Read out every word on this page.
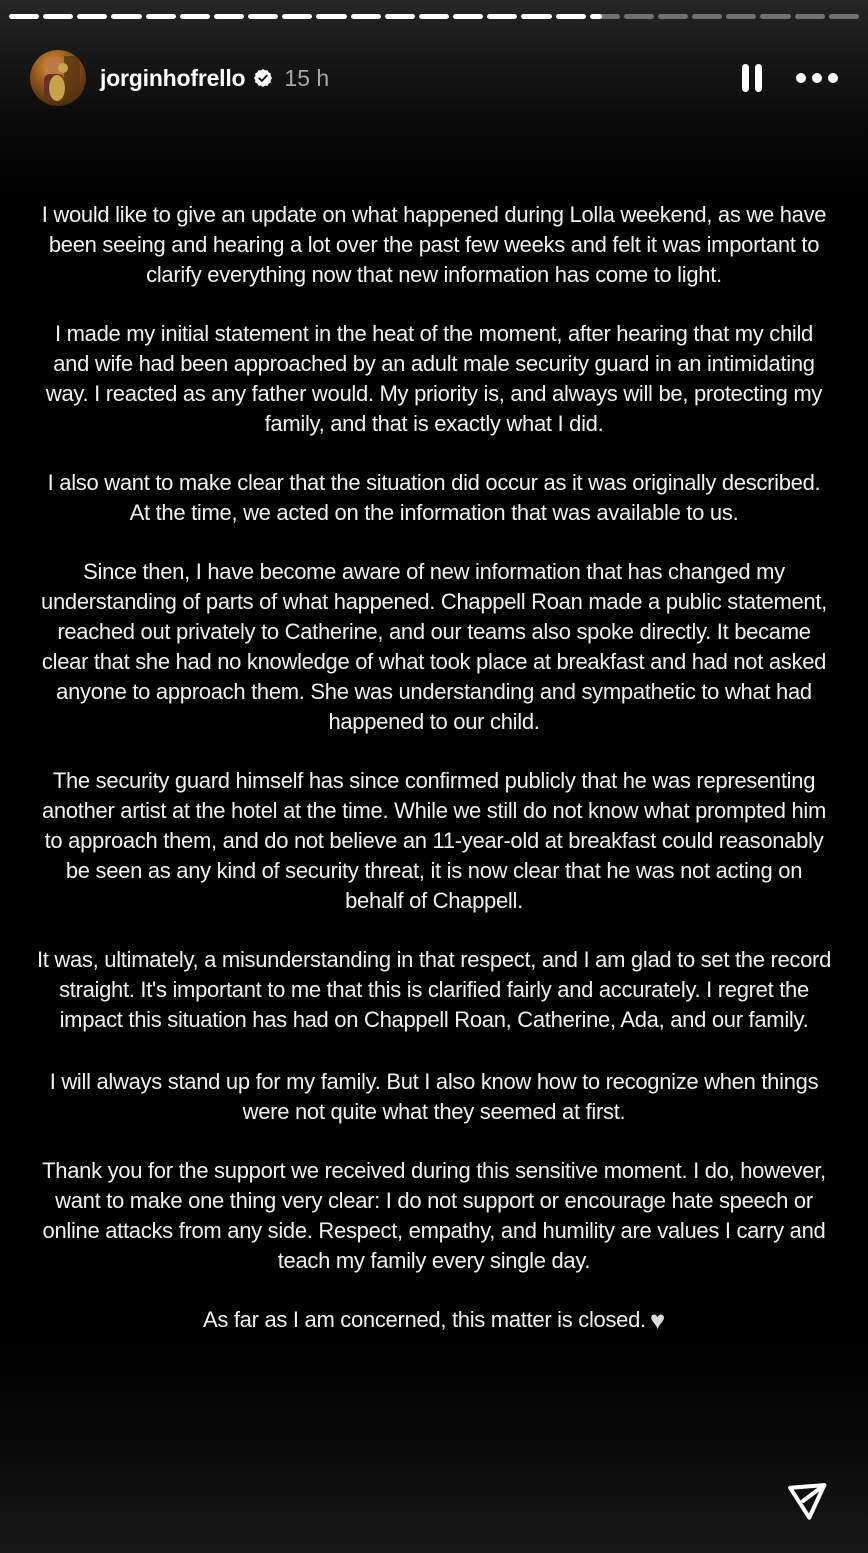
jorginhofrello 15 h

I would like to give an update on what happened during Lolla weekend, as we have been seeing and hearing a lot over the past few weeks and felt it was important to clarify everything now that new information has come to light.

I made my initial statement in the heat of the moment, after hearing that my child and wife had been approached by an adult male security guard in an intimidating way. I reacted as any father would. My priority is, and always will be, protecting my family, and that is exactly what I did.

I also want to make clear that the situation did occur as it was originally described. At the time, we acted on the information that was available to us.

Since then, I have become aware of new information that has changed my understanding of parts of what happened. Chappell Roan made a public statement, reached out privately to Catherine, and our teams also spoke directly. It became clear that she had no knowledge of what took place at breakfast and had not asked anyone to approach them. She was understanding and sympathetic to what had happened to our child.

The security guard himself has since confirmed publicly that he was representing another artist at the hotel at the time. While we still do not know what prompted him to approach them, and do not believe an 11-year-old at breakfast could reasonably be seen as any kind of security threat, it is now clear that he was not acting on behalf of Chappell.

It was, ultimately, a misunderstanding in that respect, and I am glad to set the record straight. It's important to me that this is clarified fairly and accurately. I regret the impact this situation has had on Chappell Roan, Catherine, Ada, and our family.

I will always stand up for my family. But I also know how to recognize when things were not quite what they seemed at first.

Thank you for the support we received during this sensitive moment. I do, however, want to make one thing very clear: I do not support or encourage hate speech or online attacks from any side. Respect, empathy, and humility are values I carry and teach my family every single day.

As far as I am concerned, this matter is closed. ♥
